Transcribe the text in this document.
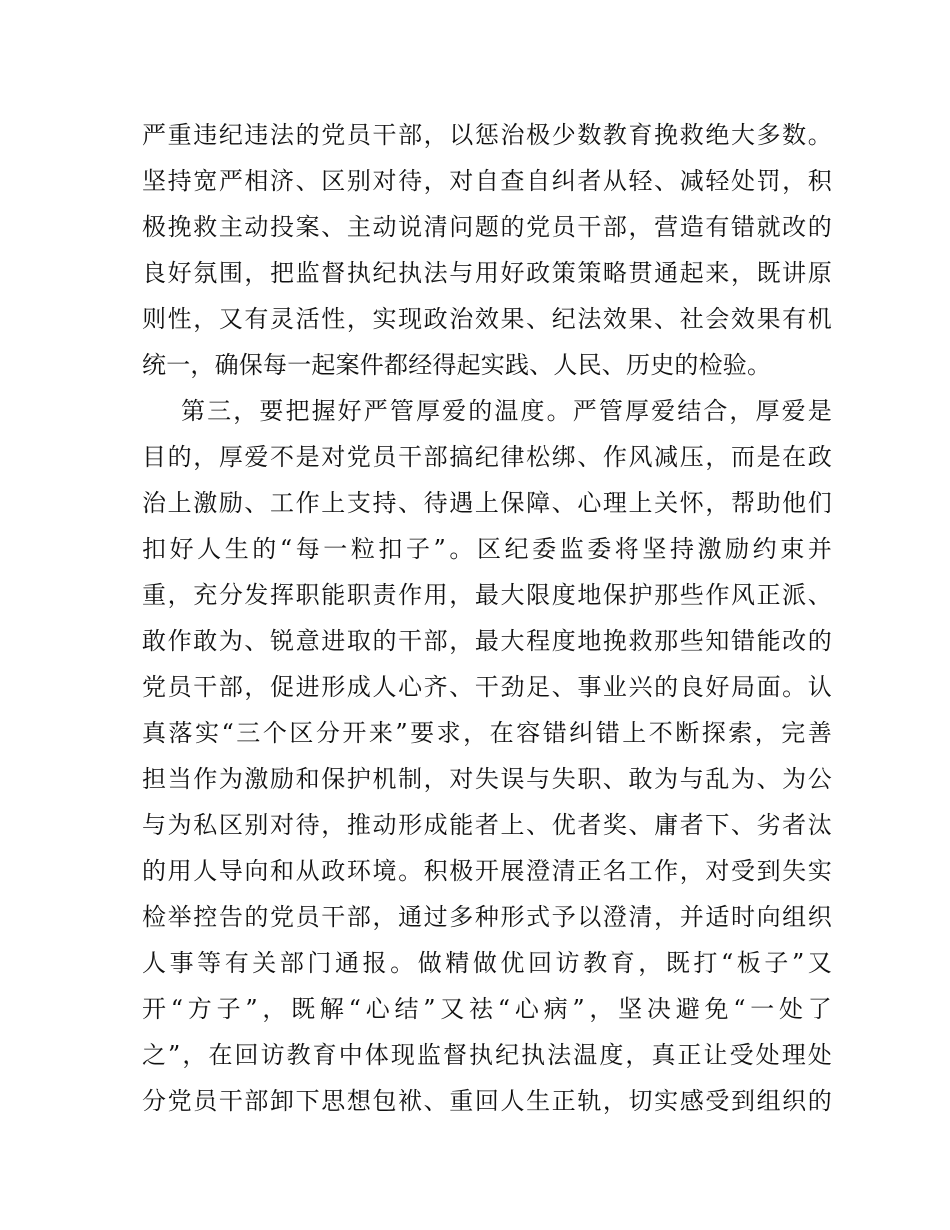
严重违纪违法的党员干部，以惩治极少数教育挽救绝大多数。
坚持宽严相济、区别对待，对自查自纠者从轻、减轻处罚，积
极挽救主动投案、主动说清问题的党员干部，营造有错就改的
良好氛围，把监督执纪执法与用好政策策略贯通起来，既讲原
则性，又有灵活性，实现政治效果、纪法效果、社会效果有机
统一，确保每一起案件都经得起实践、人民、历史的检验。
第三，要把握好严管厚爱的温度。严管厚爱结合，厚爱是
目的，厚爱不是对党员干部搞纪律松绑、作风减压，而是在政
治上激励、工作上支持、待遇上保障、心理上关怀，帮助他们
扣好人生的“每一粒扣子”。区纪委监委将坚持激励约束并
重，充分发挥职能职责作用，最大限度地保护那些作风正派、
敢作敢为、锐意进取的干部，最大程度地挽救那些知错能改的
党员干部，促进形成人心齐、干劲足、事业兴的良好局面。认
真落实“三个区分开来”要求，在容错纠错上不断探索，完善
担当作为激励和保护机制，对失误与失职、敢为与乱为、为公
与为私区别对待，推动形成能者上、优者奖、庸者下、劣者汰
的用人导向和从政环境。积极开展澄清正名工作，对受到失实
检举控告的党员干部，通过多种形式予以澄清，并适时向组织
人事等有关部门通报。做精做优回访教育，既打“板子”又
开“方子”，既解“心结”又祛“心病”，坚决避免“一处了
之”，在回访教育中体现监督执纪执法温度，真正让受处理处
分党员干部卸下思想包袱、重回人生正轨，切实感受到组织的
